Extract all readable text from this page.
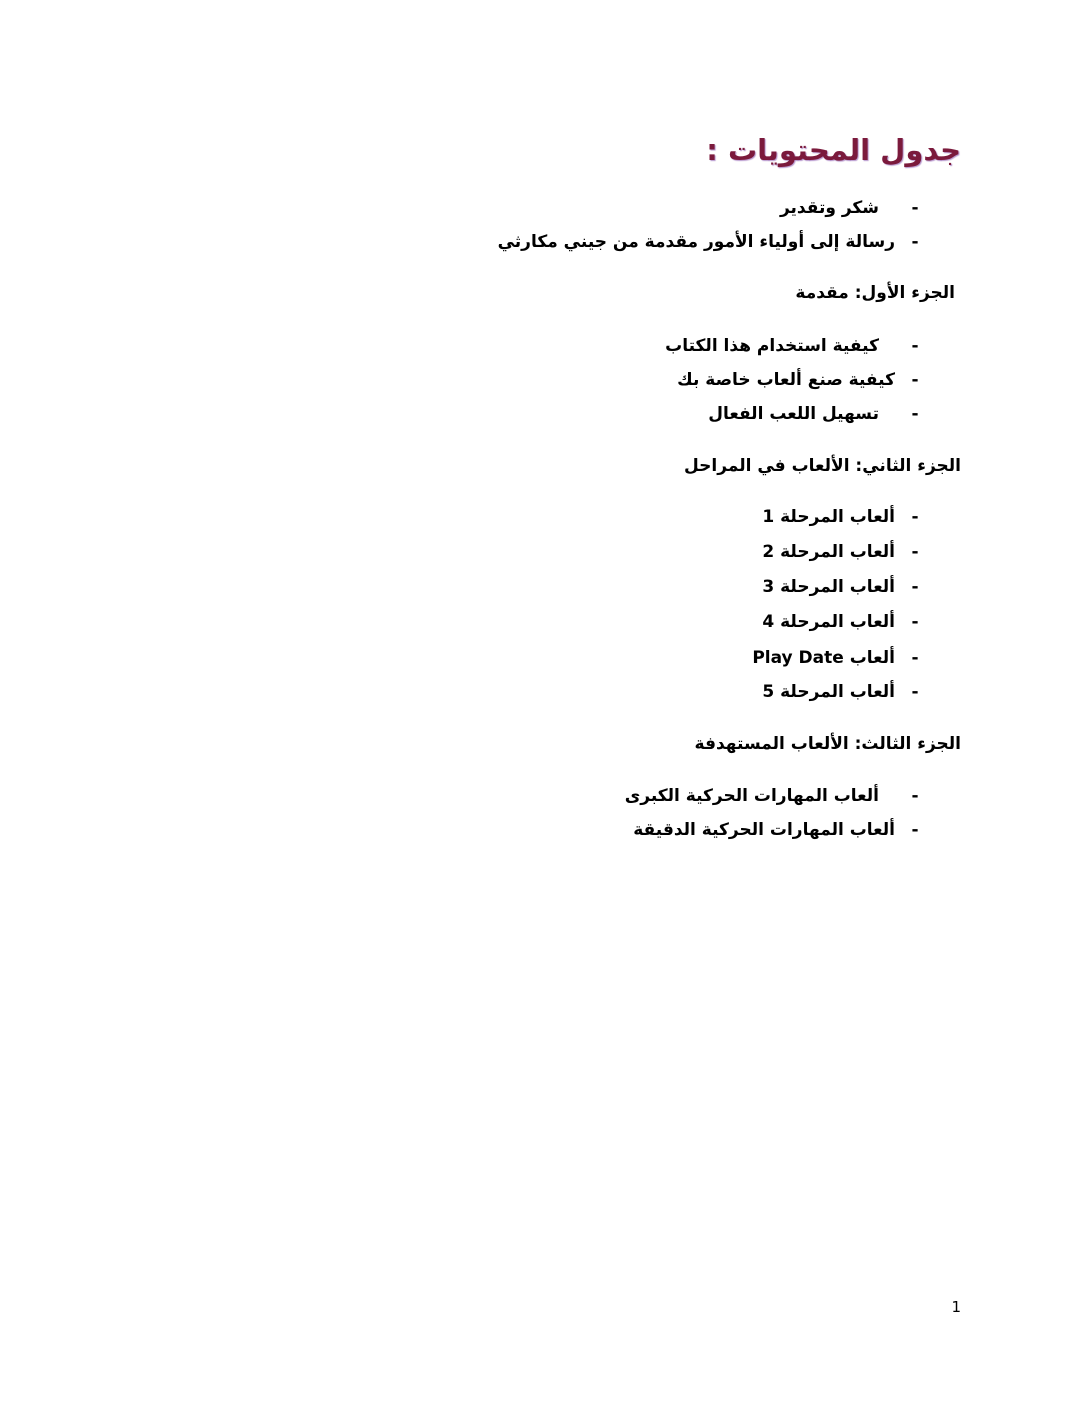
جدول المحتويات :
-
شكر وتقدير
-
رسالة إلى أولياء الأمور مقدمة من جيني مكارثي
الجزء الأول: مقدمة
-
كيفية استخدام هذا الكتاب
-
كيفية صنع ألعاب خاصة بك
-
تسهيل اللعب الفعال
الجزء الثاني: الألعاب في المراحل
-
ألعاب المرحلة 1
-
ألعاب المرحلة 2
-
ألعاب المرحلة 3
-
ألعاب المرحلة 4
-
ألعاب Play Date
-
ألعاب المرحلة 5
الجزء الثالث: الألعاب المستهدفة
-
ألعاب المهارات الحركية الكبرى
-
ألعاب المهارات الحركية الدقيقة
1
